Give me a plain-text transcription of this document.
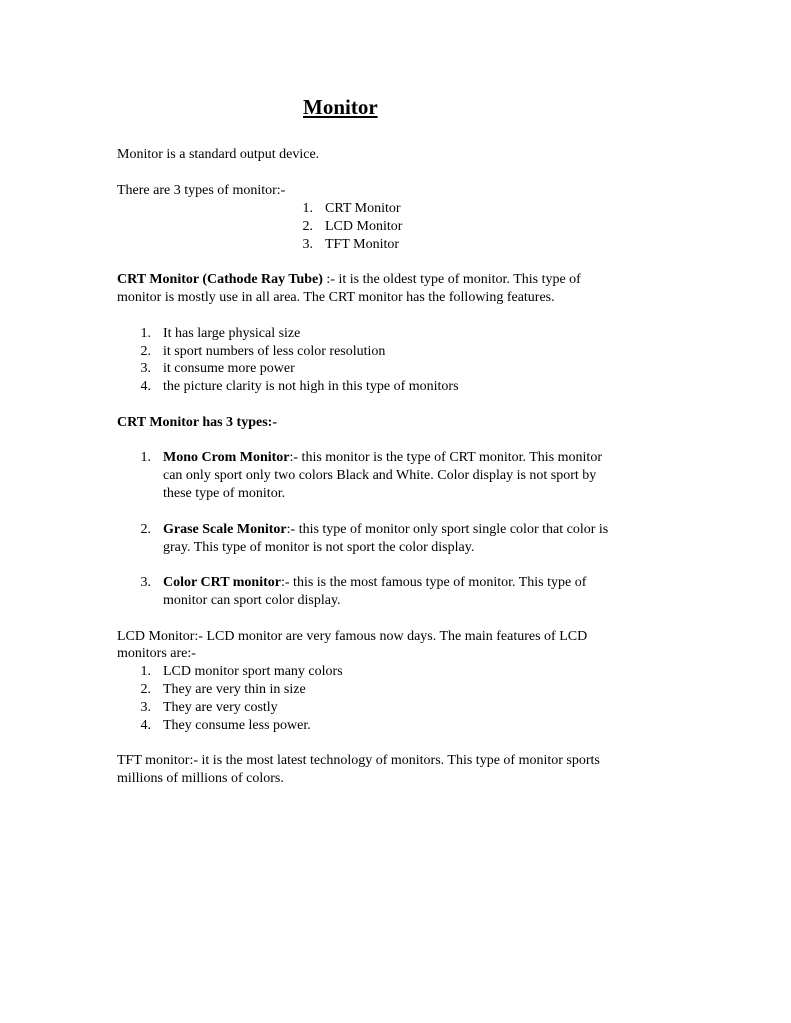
Monitor
Monitor is a standard output device.
There are 3 types of monitor:-
1. CRT Monitor
2. LCD Monitor
3. TFT Monitor
CRT Monitor (Cathode Ray Tube) :- it is the oldest type of monitor. This type of
monitor is mostly use in all area. The CRT monitor has the following features.
1. It has large physical size
2. it sport numbers of less color resolution
3. it consume more power
4. the picture clarity is not high in this type of monitors
CRT Monitor has 3 types:-
1. Mono Crom Monitor:- this monitor is the type of CRT monitor. This monitor
can only sport only two colors Black and White. Color display is not sport by
these type of monitor.
2. Grase Scale Monitor:- this type of monitor only sport single color that color is
gray. This type of monitor is not sport the color display.
3. Color CRT monitor:- this is the most famous type of monitor. This type of
monitor can sport color display.
LCD Monitor:- LCD monitor are very famous now days. The main features of LCD
monitors are:-
1. LCD monitor sport many colors
2. They are very thin in size
3. They are very costly
4. They consume less power.
TFT monitor:- it is the most latest technology of monitors. This type of monitor sports
millions of millions of colors.
